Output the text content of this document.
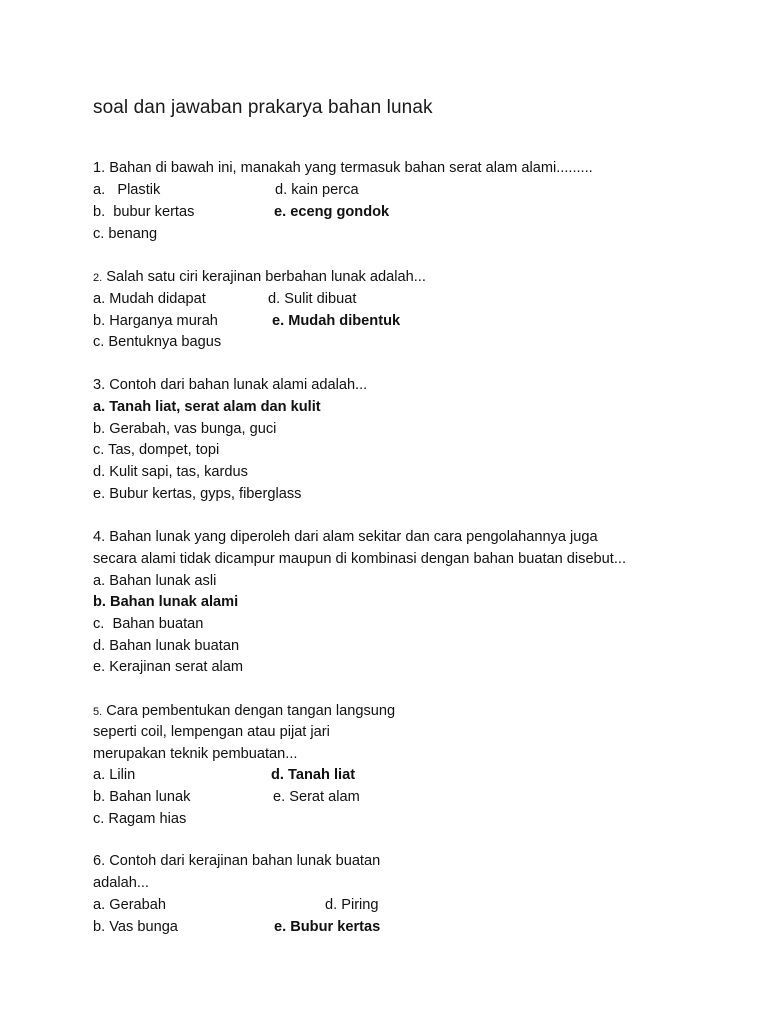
soal dan jawaban prakarya bahan lunak
1. Bahan di bawah ini, manakah yang termasuk bahan serat alam alami.........
a.   Plastik	d. kain perca
b.  bubur kertas	e. eceng gondok
c. benang
2. Salah satu ciri kerajinan berbahan lunak adalah...
a. Mudah didapat	d. Sulit dibuat
b. Harganya murah	e. Mudah dibentuk
c. Bentuknya bagus
3. Contoh dari bahan lunak alami adalah...
a. Tanah liat, serat alam dan kulit
b. Gerabah, vas bunga, guci
c. Tas, dompet, topi
d. Kulit sapi, tas, kardus
e. Bubur kertas, gyps, fiberglass
4. Bahan lunak yang diperoleh dari alam sekitar dan cara pengolahannya juga
secara alami tidak dicampur maupun di kombinasi dengan bahan buatan disebut...
a. Bahan lunak asli
b. Bahan lunak alami
c.  Bahan buatan
d. Bahan lunak buatan
e. Kerajinan serat alam
5. Cara pembentukan dengan tangan langsung
seperti coil, lempengan atau pijat jari
merupakan teknik pembuatan...
a. Lilin	d. Tanah liat
b. Bahan lunak	e. Serat alam
c. Ragam hias
6. Contoh dari kerajinan bahan lunak buatan
adalah...
a. Gerabah	d. Piring
b. Vas bunga	e. Bubur kertas
